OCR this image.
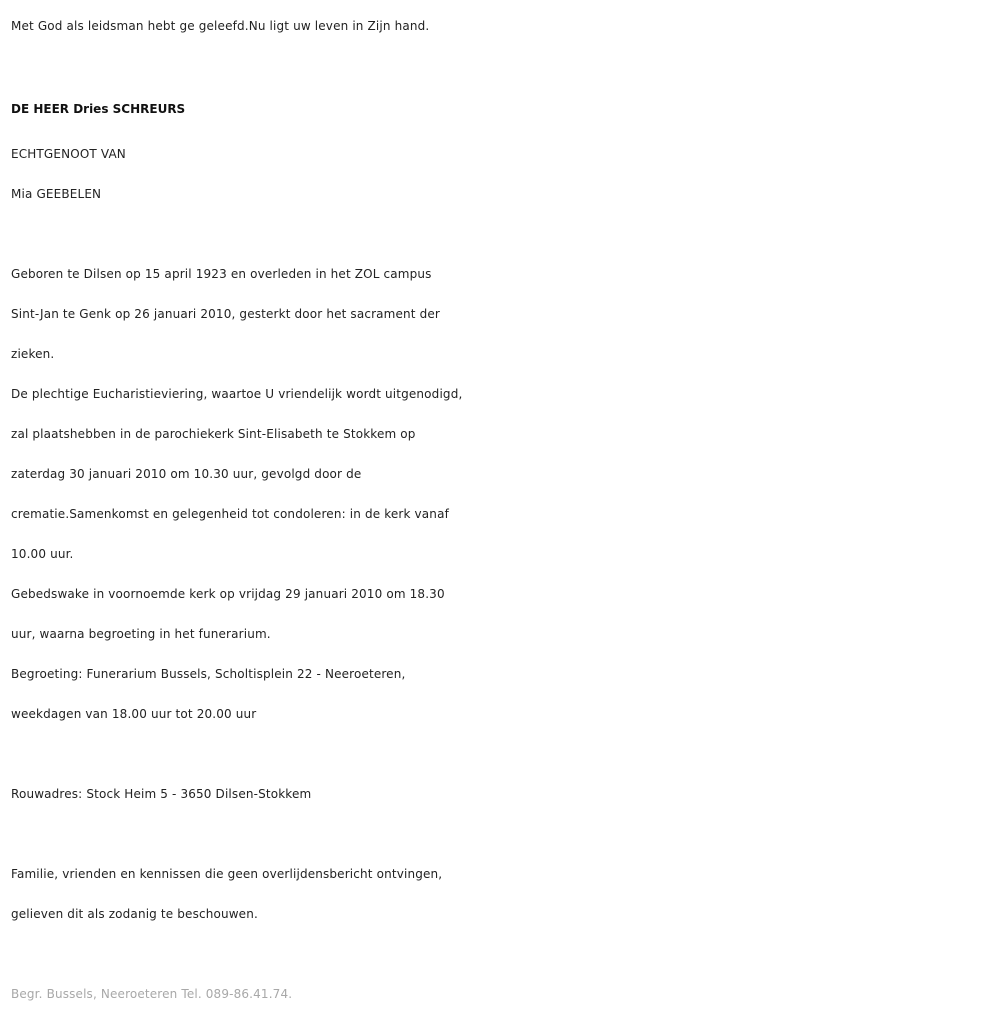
Met God als leidsman hebt ge geleefd.Nu ligt uw leven in Zijn hand.
DE HEER Dries SCHREURS
ECHTGENOOT VAN
Mia GEEBELEN
Geboren te Dilsen op 15 april 1923 en overleden in het ZOL campus
Sint-Jan te Genk op 26 januari 2010, gesterkt door het sacrament der
zieken.
De plechtige Eucharistieviering, waartoe U vriendelijk wordt uitgenodigd,
zal plaatshebben in de parochiekerk Sint-Elisabeth te Stokkem op
zaterdag 30 januari 2010 om 10.30 uur, gevolgd door de
crematie.Samenkomst en gelegenheid tot condoleren: in de kerk vanaf
10.00 uur.
Gebedswake in voornoemde kerk op vrijdag 29 januari 2010 om 18.30
uur, waarna begroeting in het funerarium.
Begroeting: Funerarium Bussels, Scholtisplein 22 - Neeroeteren,
weekdagen van 18.00 uur tot 20.00 uur
Rouwadres: Stock Heim 5 - 3650 Dilsen-Stokkem
Familie, vrienden en kennissen die geen overlijdensbericht ontvingen,
gelieven dit als zodanig te beschouwen.
Begr. Bussels, Neeroeteren Tel. 089-86.41.74.
